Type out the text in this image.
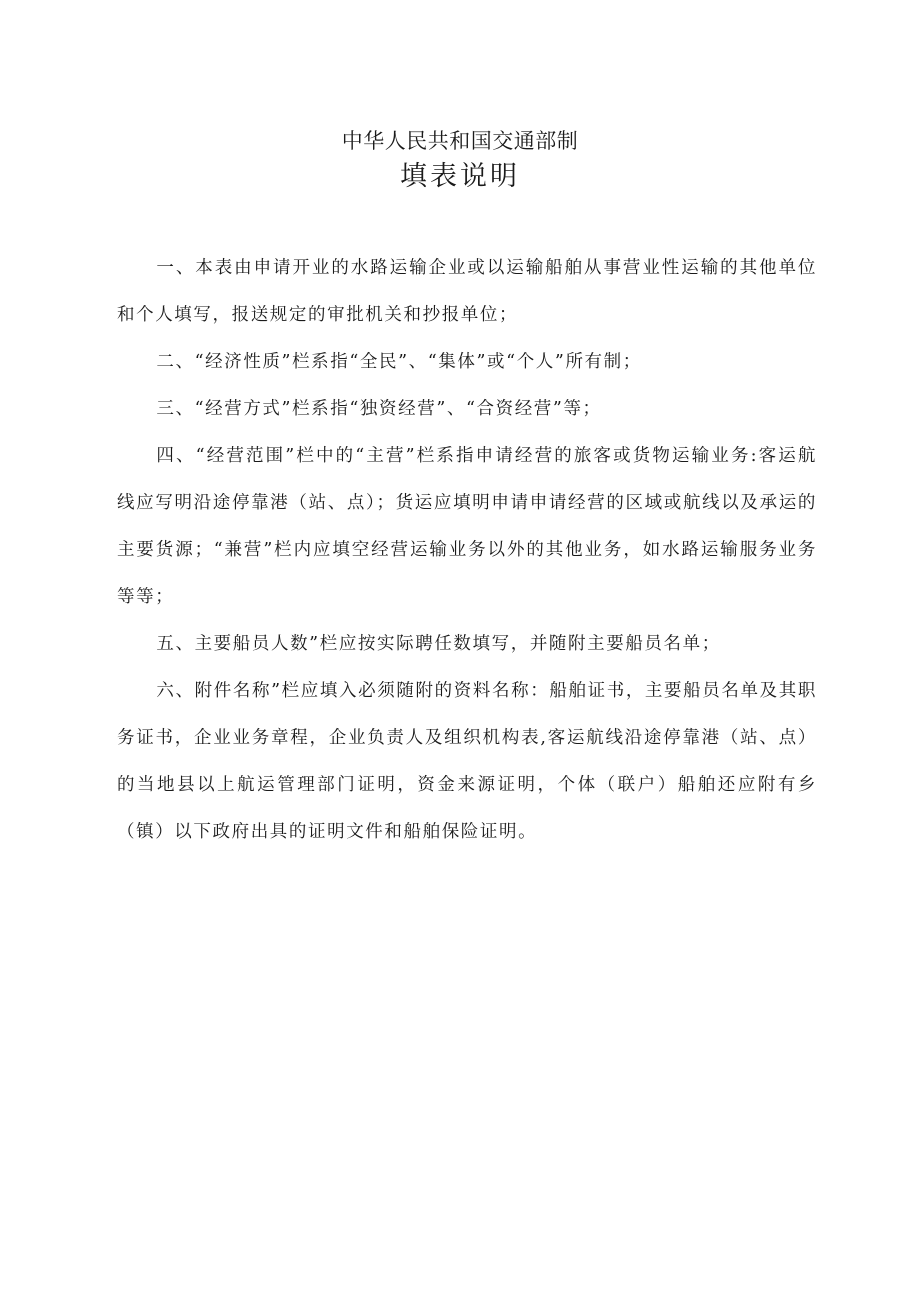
中华人民共和国交通部制
填表说明

一、本表由申请开业的水路运输企业或以运输船舶从事营业性运输的其他单位和个人填写，报送规定的审批机关和抄报单位；

二、“经济性质”栏系指“全民”、“集体”或“个人”所有制；

三、“经营方式”栏系指“独资经营”、“合资经营”等；

四、“经营范围”栏中的“主营”栏系指申请经营的旅客或货物运输业务:客运航线应写明沿途停靠港（站、点）；货运应填明申请申请经营的区域或航线以及承运的主要货源；“兼营”栏内应填空经营运输业务以外的其他业务，如水路运输服务业务等等；

五、主要船员人数”栏应按实际聘任数填写，并随附主要船员名单；

六、附件名称”栏应填入必须随附的资料名称：船舶证书，主要船员名单及其职务证书，企业业务章程，企业负责人及组织机构表,客运航线沿途停靠港（站、点）的当地县以上航运管理部门证明，资金来源证明，个体（联户）船舶还应附有乡（镇）以下政府出具的证明文件和船舶保险证明。
